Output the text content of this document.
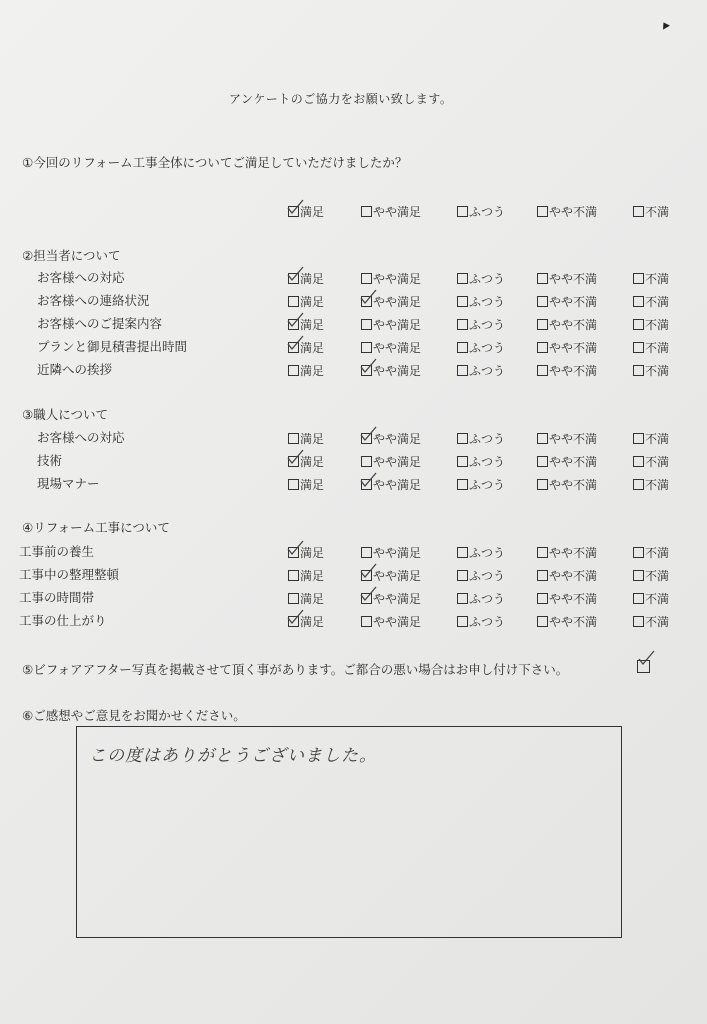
アンケートのご協力をお願い致します。
①今回のリフォーム工事全体についてご満足していただけましたか？
満足	やや満足	ふつう	やや不満	不満
②担当者について
お客様への対応	満足	やや満足	ふつう	やや不満	不満
お客様への連絡状況	満足	やや満足	ふつう	やや不満	不満
お客様へのご提案内容	満足	やや満足	ふつう	やや不満	不満
プランと御見積書提出時間	満足	やや満足	ふつう	やや不満	不満
近隣への挨拶	満足	やや満足	ふつう	やや不満	不満
③職人について
お客様への対応	満足	やや満足	ふつう	やや不満	不満
技術	満足	やや満足	ふつう	やや不満	不満
現場マナー	満足	やや満足	ふつう	やや不満	不満
④リフォーム工事について
工事前の養生	満足	やや満足	ふつう	やや不満	不満
工事中の整理整頓	満足	やや満足	ふつう	やや不満	不満
工事の時間帯	満足	やや満足	ふつう	やや不満	不満
工事の仕上がり	満足	やや満足	ふつう	やや不満	不満
⑤ビフォアアフター写真を掲載させて頂く事があります。ご都合の悪い場合はお申し付け下さい。
⑥ご感想やご意見をお聞かせください。
この度はありがとうございました。
